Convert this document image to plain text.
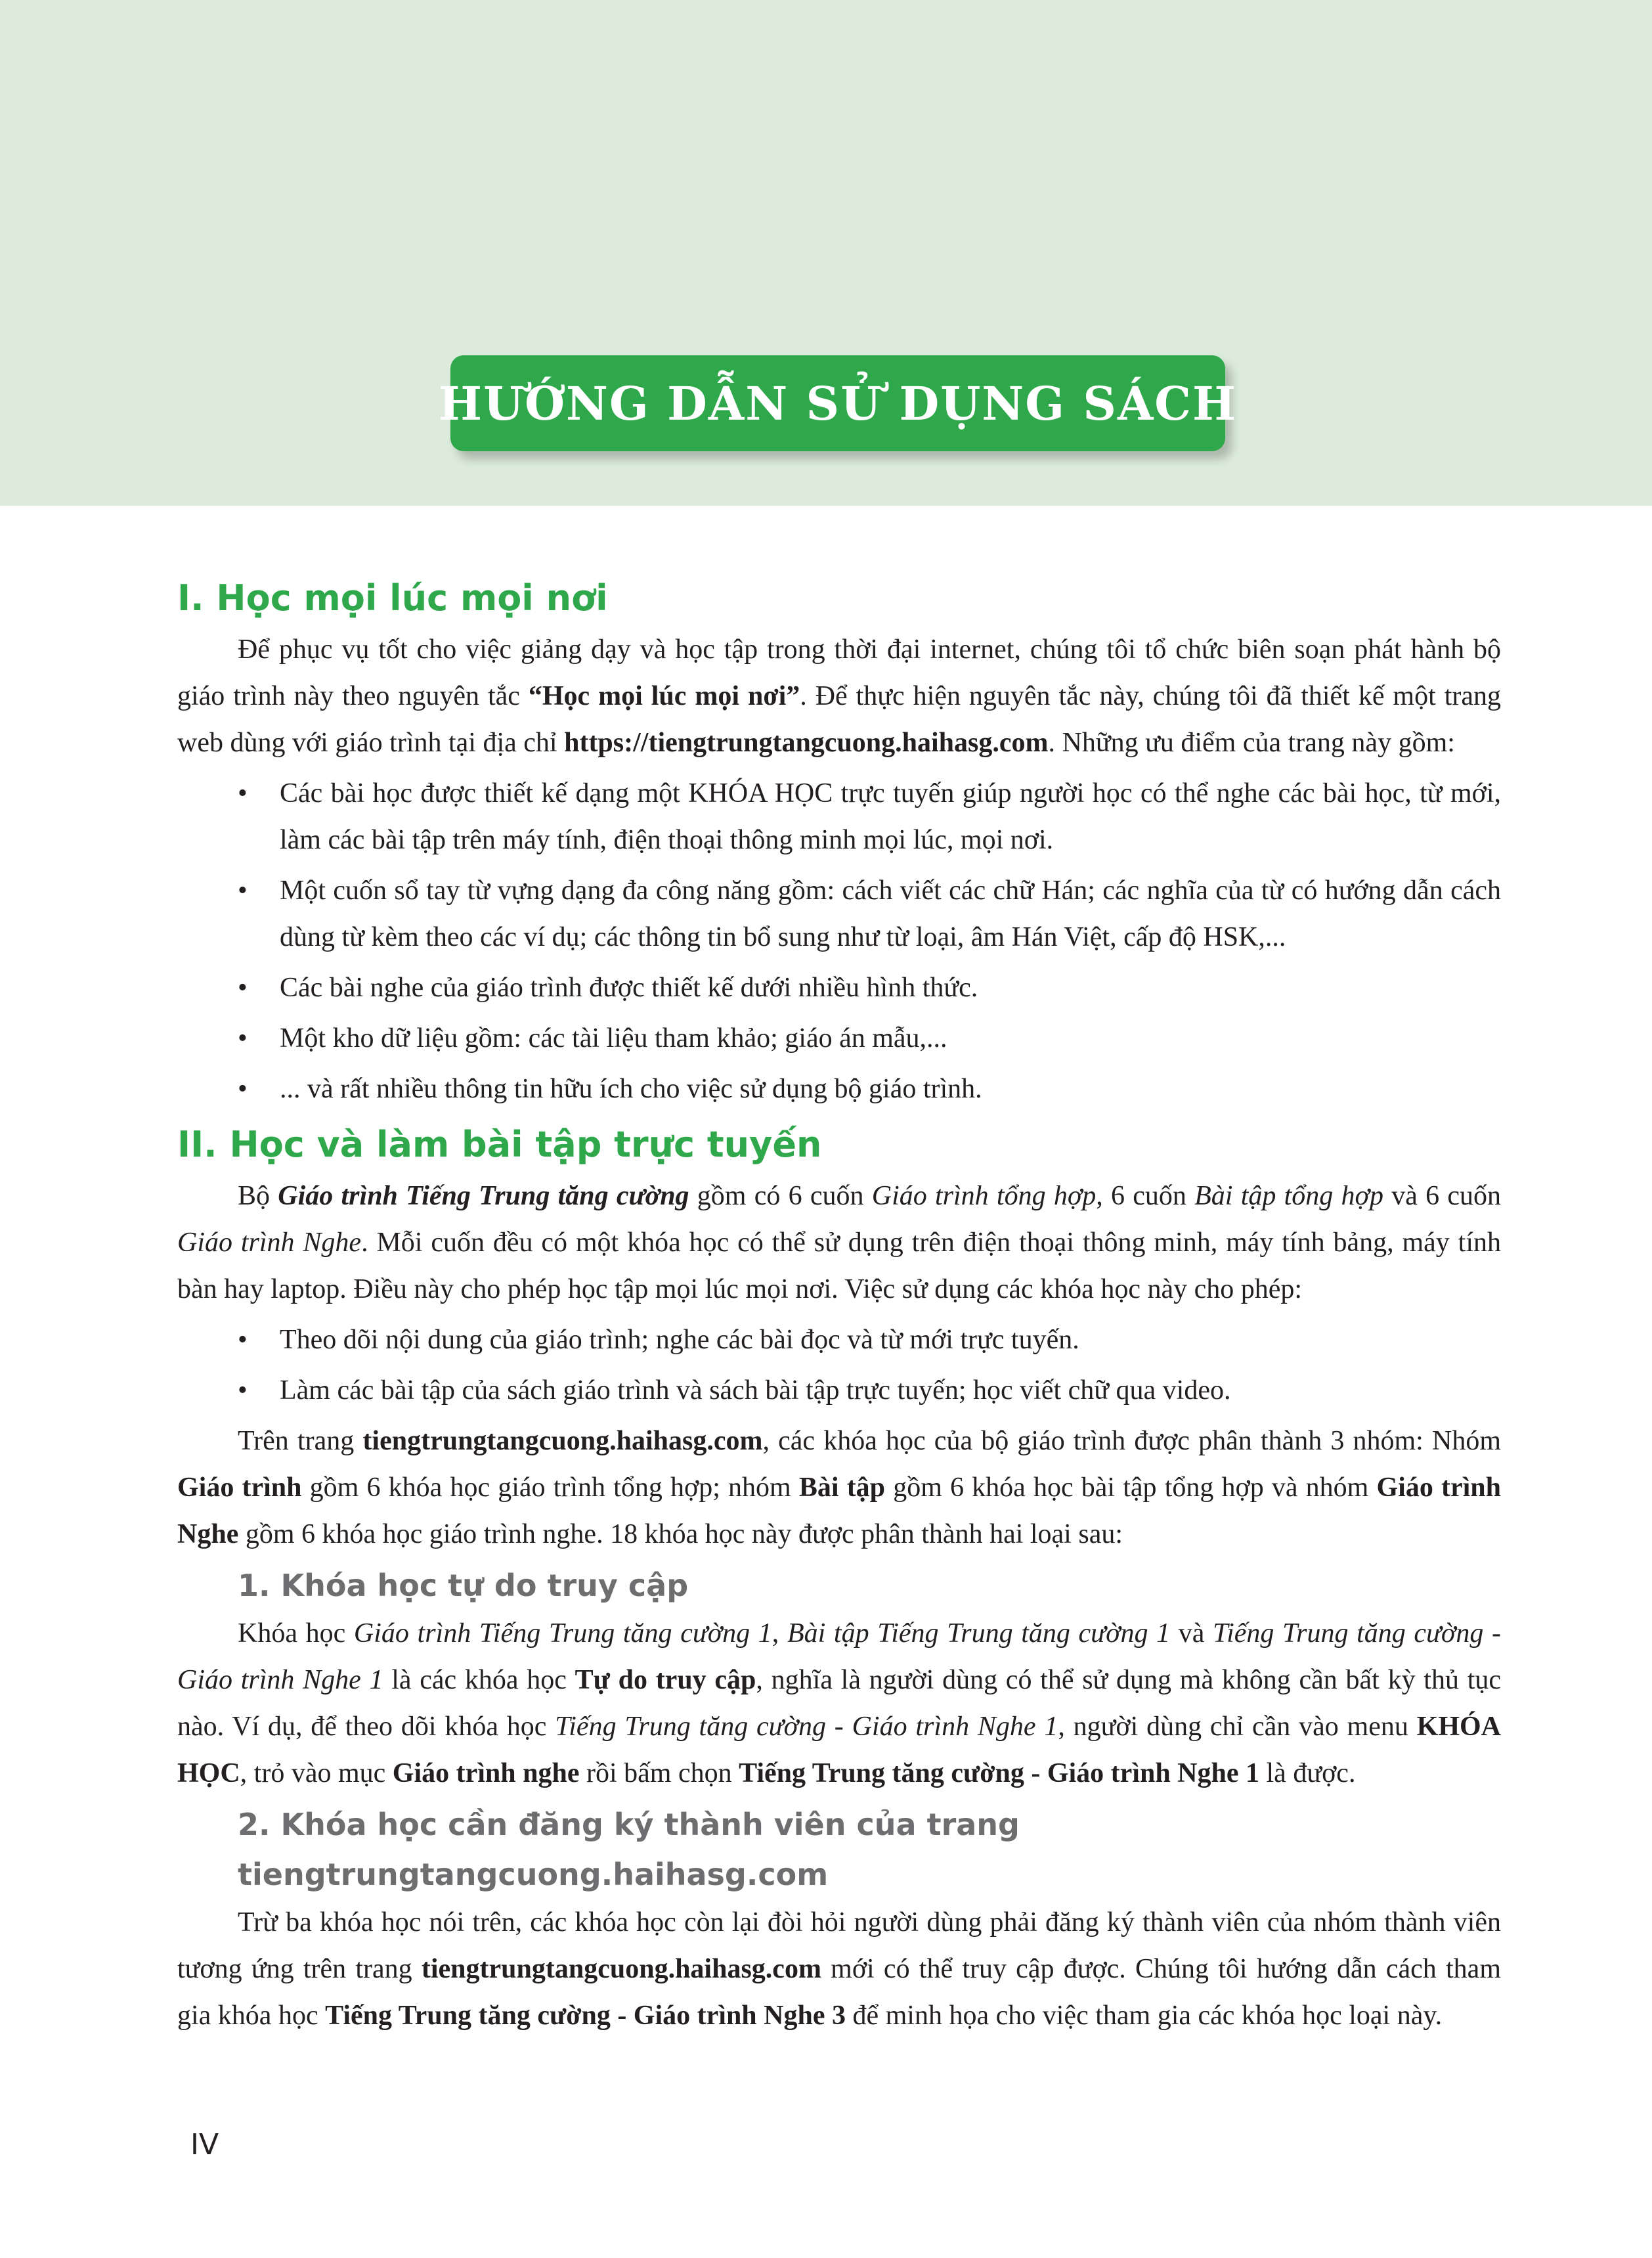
HƯỚNG DẪN SỬ DỤNG SÁCH
I. Học mọi lúc mọi nơi

Để phục vụ tốt cho việc giảng dạy và học tập trong thời đại internet, chúng tôi tổ chức biên soạn phát hành bộ giáo trình này theo nguyên tắc “Học mọi lúc mọi nơi”. Để thực hiện nguyên tắc này, chúng tôi đã thiết kế một trang web dùng với giáo trình tại địa chỉ https://tiengtrungtangcuong.haihasg.com. Những ưu điểm của trang này gồm:

• Các bài học được thiết kế dạng một KHÓA HỌC trực tuyến giúp người học có thể nghe các bài học, từ mới, làm các bài tập trên máy tính, điện thoại thông minh mọi lúc, mọi nơi.
• Một cuốn sổ tay từ vựng dạng đa công năng gồm: cách viết các chữ Hán; các nghĩa của từ có hướng dẫn cách dùng từ kèm theo các ví dụ; các thông tin bổ sung như từ loại, âm Hán Việt, cấp độ HSK,...
• Các bài nghe của giáo trình được thiết kế dưới nhiều hình thức.
• Một kho dữ liệu gồm: các tài liệu tham khảo; giáo án mẫu,...
• ... và rất nhiều thông tin hữu ích cho việc sử dụng bộ giáo trình.
II. Học và làm bài tập trực tuyến

Bộ Giáo trình Tiếng Trung tăng cường gồm có 6 cuốn Giáo trình tổng hợp, 6 cuốn Bài tập tổng hợp và 6 cuốn Giáo trình Nghe. Mỗi cuốn đều có một khóa học có thể sử dụng trên điện thoại thông minh, máy tính bảng, máy tính bàn hay laptop. Điều này cho phép học tập mọi lúc mọi nơi. Việc sử dụng các khóa học này cho phép:

• Theo dõi nội dung của giáo trình; nghe các bài đọc và từ mới trực tuyến.
• Làm các bài tập của sách giáo trình và sách bài tập trực tuyến; học viết chữ qua video.

Trên trang tiengtrungtangcuong.haihasg.com, các khóa học của bộ giáo trình được phân thành 3 nhóm: Nhóm Giáo trình gồm 6 khóa học giáo trình tổng hợp; nhóm Bài tập gồm 6 khóa học bài tập tổng hợp và nhóm Giáo trình Nghe gồm 6 khóa học giáo trình nghe. 18 khóa học này được phân thành hai loại sau:

1. Khóa học tự do truy cập

Khóa học Giáo trình Tiếng Trung tăng cường 1, Bài tập Tiếng Trung tăng cường 1 và Tiếng Trung tăng cường - Giáo trình Nghe 1 là các khóa học Tự do truy cập, nghĩa là người dùng có thể sử dụng mà không cần bất kỳ thủ tục nào. Ví dụ, để theo dõi khóa học Tiếng Trung tăng cường - Giáo trình Nghe 1, người dùng chỉ cần vào menu KHÓA HỌC, trỏ vào mục Giáo trình nghe rồi bấm chọn Tiếng Trung tăng cường - Giáo trình Nghe 1 là được.

2. Khóa học cần đăng ký thành viên của trang tiengtrungtangcuong.haihasg.com

Trừ ba khóa học nói trên, các khóa học còn lại đòi hỏi người dùng phải đăng ký thành viên của nhóm thành viên tương ứng trên trang tiengtrungtangcuong.haihasg.com mới có thể truy cập được. Chúng tôi hướng dẫn cách tham gia khóa học Tiếng Trung tăng cường - Giáo trình Nghe 3 để minh họa cho việc tham gia các khóa học loại này.

IV
